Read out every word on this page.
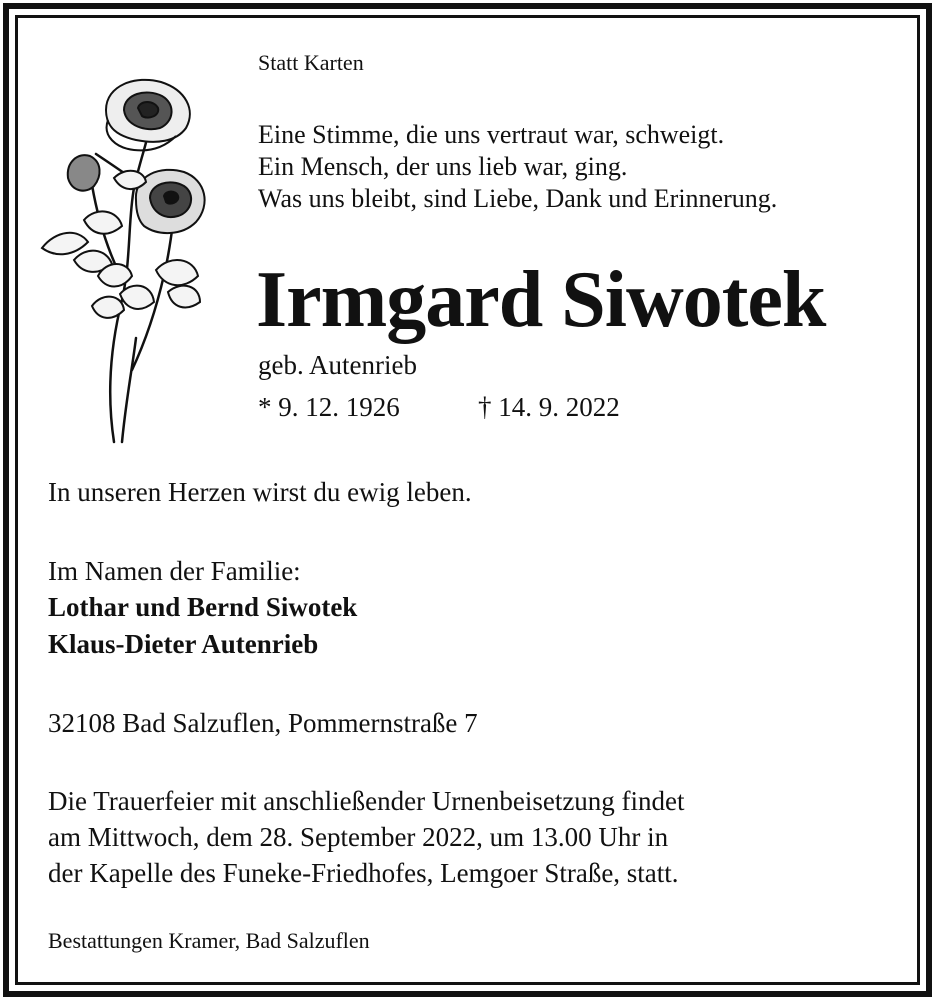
Statt Karten

Eine Stimme, die uns vertraut war, schweigt.

Ein Mensch, der uns lieb war, ging.

Was uns bleibt, sind Liebe, Dank und Erinnerung.

Irmgard Siwotek

geb. Autenrieb

* 9. 12. 1926	† 14. 9. 2022

In unseren Herzen wirst du ewig leben.

Im Namen der Familie:

Lothar und Bernd Siwotek

Klaus-Dieter Autenrieb

32108 Bad Salzuflen, Pommernstraße 7

Die Trauerfeier mit anschließender Urnenbeisetzung findet

am Mittwoch, dem 28. September 2022, um 13.00 Uhr in

der Kapelle des Funeke-Friedhofes, Lemgoer Straße, statt.

Bestattungen Kramer, Bad Salzuflen
